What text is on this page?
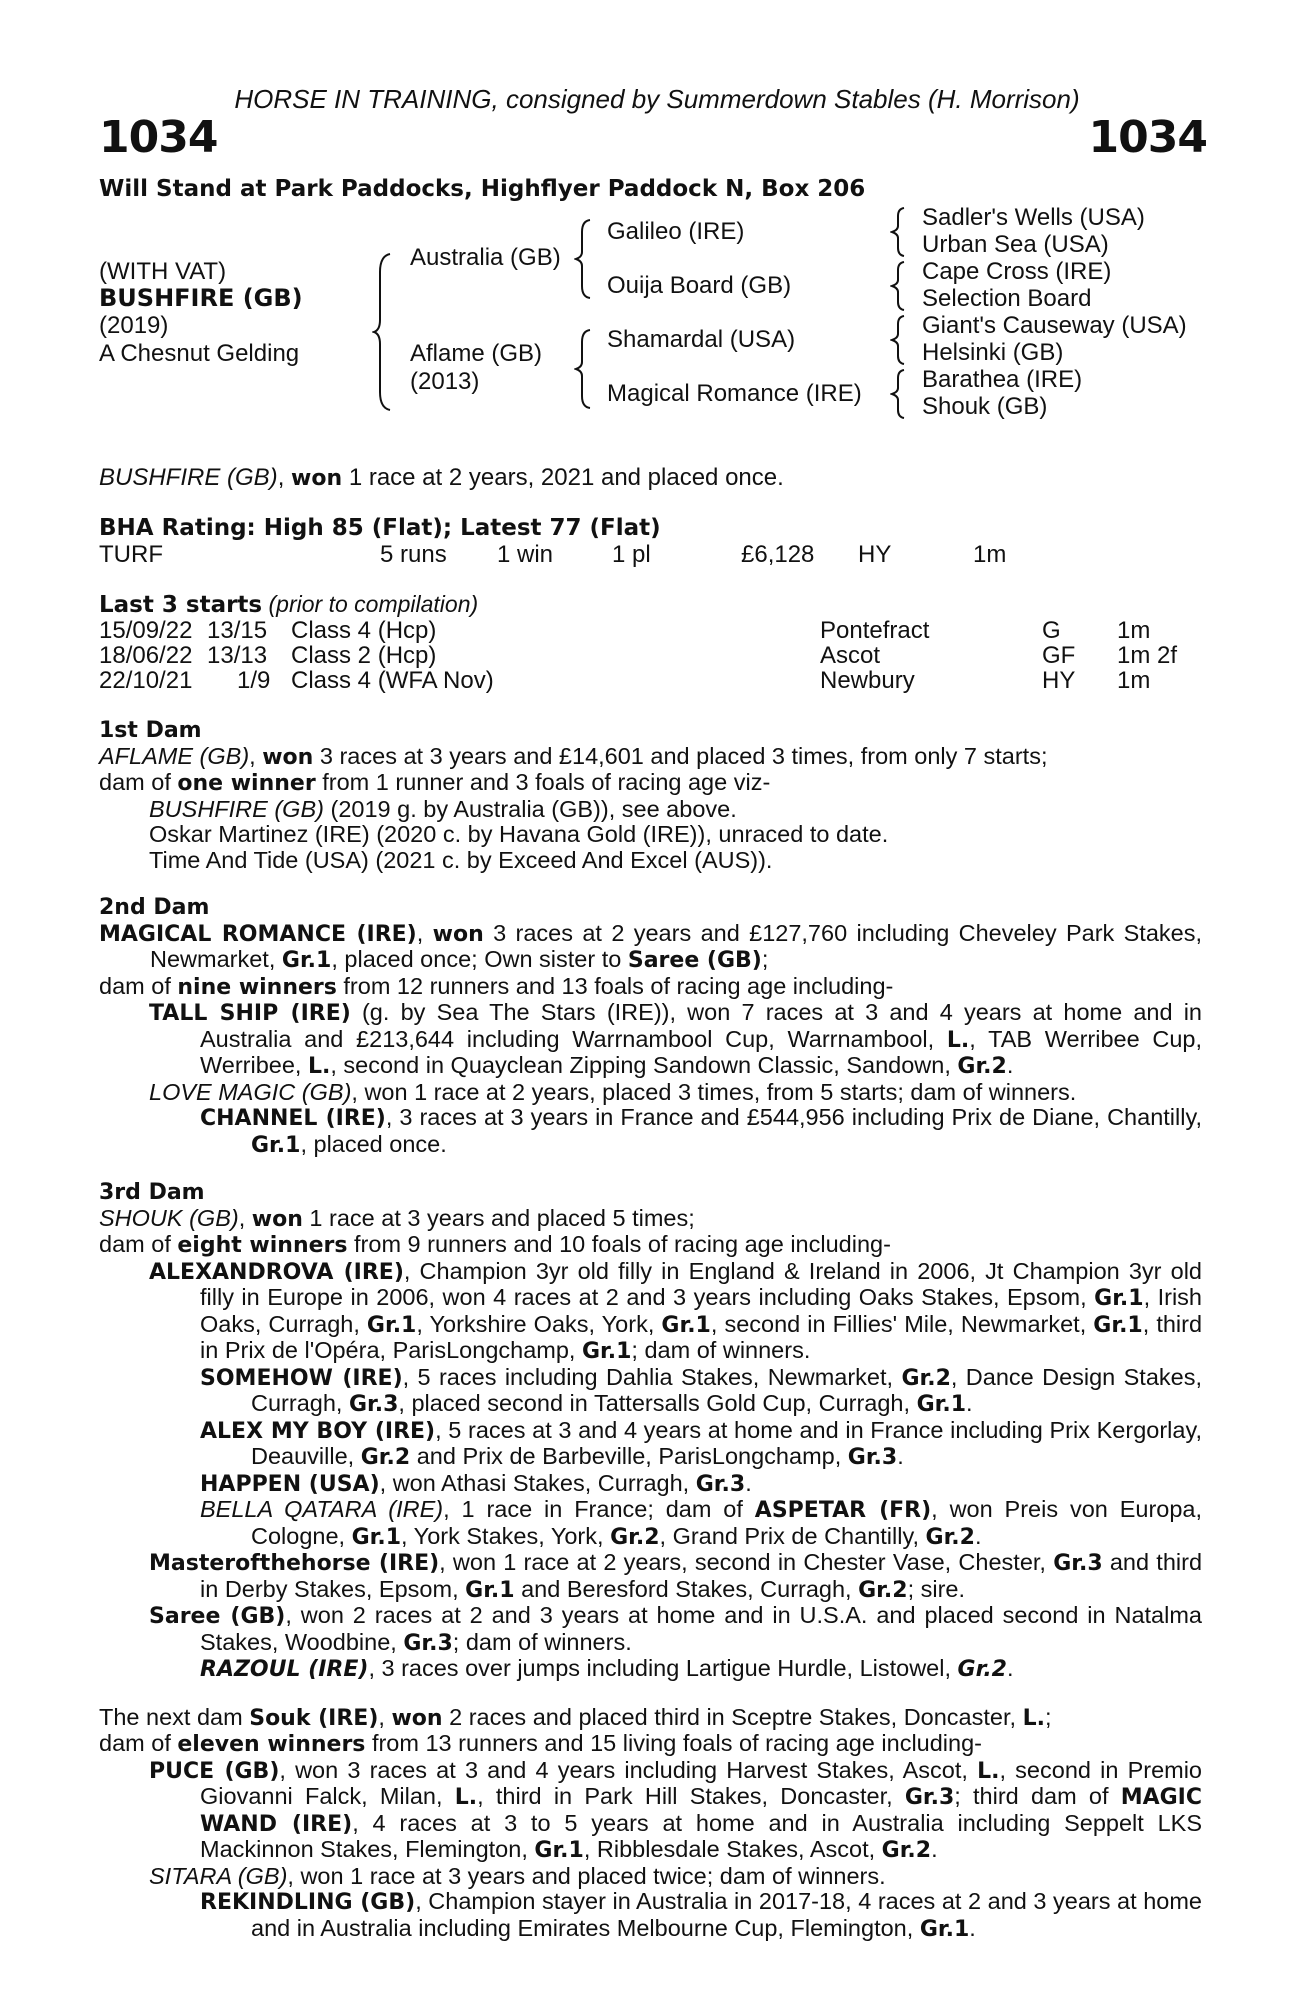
HORSE IN TRAINING, consigned by Summerdown Stables (H. Morrison)
1034	1034
Will Stand at Park Paddocks, Highflyer Paddock N, Box 206
(WITH VAT)
BUSHFIRE (GB)
(2019)
A Chesnut Gelding
Australia (GB)
Aflame (GB)
(2013)
Galileo (IRE)
Ouija Board (GB)
Shamardal (USA)
Magical Romance (IRE)
Sadler's Wells (USA)
Urban Sea (USA)
Cape Cross (IRE)
Selection Board
Giant's Causeway (USA)
Helsinki (GB)
Barathea (IRE)
Shouk (GB)
BUSHFIRE (GB), won 1 race at 2 years, 2021 and placed once.
BHA Rating: High 85 (Flat); Latest 77 (Flat)
TURF	5 runs 1 win 1 pl	£6,128 HY	1m
Last 3 starts (prior to compilation)
15/09/22 13/15 Class 4 (Hcp)	Pontefract	G 1m
18/06/22 13/13 Class 2 (Hcp)	Ascot	GF 1m 2f
22/10/21 1/9 Class 4 (WFA Nov)	Newbury	HY 1m

1st Dam

AFLAME (GB), won 3 races at 3 years and £14,601 and placed 3 times, from only 7 starts;

dam of one winner from 1 runner and 3 foals of racing age viz-

BUSHFIRE (GB) (2019 g. by Australia (GB)), see above.

Oskar Martinez (IRE) (2020 c. by Havana Gold (IRE)), unraced to date.

Time And Tide (USA) (2021 c. by Exceed And Excel (AUS)).

2nd Dam

MAGICAL ROMANCE (IRE), won 3 races at 2 years and £127,760 including Cheveley Park Stakes, Newmarket, Gr.1, placed once; Own sister to Saree (GB);

dam of nine winners from 12 runners and 13 foals of racing age including-

TALL SHIP (IRE) (g. by Sea The Stars (IRE)), won 7 races at 3 and 4 years at home and in Australia and £213,644 including Warrnambool Cup, Warrnambool, L., TAB Werribee Cup, Werribee, L., second in Quayclean Zipping Sandown Classic, Sandown, Gr.2.

LOVE MAGIC (GB), won 1 race at 2 years, placed 3 times, from 5 starts; dam of winners.

CHANNEL (IRE), 3 races at 3 years in France and £544,956 including Prix de Diane, Chantilly, Gr.1, placed once.

3rd Dam

SHOUK (GB), won 1 race at 3 years and placed 5 times;

dam of eight winners from 9 runners and 10 foals of racing age including-

ALEXANDROVA (IRE), Champion 3yr old filly in England & Ireland in 2006, Jt Champion 3yr old filly in Europe in 2006, won 4 races at 2 and 3 years including Oaks Stakes, Epsom, Gr.1, Irish Oaks, Curragh, Gr.1, Yorkshire Oaks, York, Gr.1, second in Fillies' Mile, Newmarket, Gr.1, third in Prix de l'Opéra, ParisLongchamp, Gr.1; dam of winners.

SOMEHOW (IRE), 5 races including Dahlia Stakes, Newmarket, Gr.2, Dance Design Stakes, Curragh, Gr.3, placed second in Tattersalls Gold Cup, Curragh, Gr.1.

ALEX MY BOY (IRE), 5 races at 3 and 4 years at home and in France including Prix Kergorlay, Deauville, Gr.2 and Prix de Barbeville, ParisLongchamp, Gr.3.

HAPPEN (USA), won Athasi Stakes, Curragh, Gr.3.

BELLA QATARA (IRE), 1 race in France; dam of ASPETAR (FR), won Preis von Europa, Cologne, Gr.1, York Stakes, York, Gr.2, Grand Prix de Chantilly, Gr.2.

Masterofthehorse (IRE), won 1 race at 2 years, second in Chester Vase, Chester, Gr.3 and third in Derby Stakes, Epsom, Gr.1 and Beresford Stakes, Curragh, Gr.2; sire.

Saree (GB), won 2 races at 2 and 3 years at home and in U.S.A. and placed second in Natalma Stakes, Woodbine, Gr.3; dam of winners.

RAZOUL (IRE), 3 races over jumps including Lartigue Hurdle, Listowel, Gr.2.

The next dam Souk (IRE), won 2 races and placed third in Sceptre Stakes, Doncaster, L.;

dam of eleven winners from 13 runners and 15 living foals of racing age including-

PUCE (GB), won 3 races at 3 and 4 years including Harvest Stakes, Ascot, L., second in Premio Giovanni Falck, Milan, L., third in Park Hill Stakes, Doncaster, Gr.3; third dam of MAGIC WAND (IRE), 4 races at 3 to 5 years at home and in Australia including Seppelt LKS Mackinnon Stakes, Flemington, Gr.1, Ribblesdale Stakes, Ascot, Gr.2.

SITARA (GB), won 1 race at 3 years and placed twice; dam of winners.

REKINDLING (GB), Champion stayer in Australia in 2017-18, 4 races at 2 and 3 years at home and in Australia including Emirates Melbourne Cup, Flemington, Gr.1.
